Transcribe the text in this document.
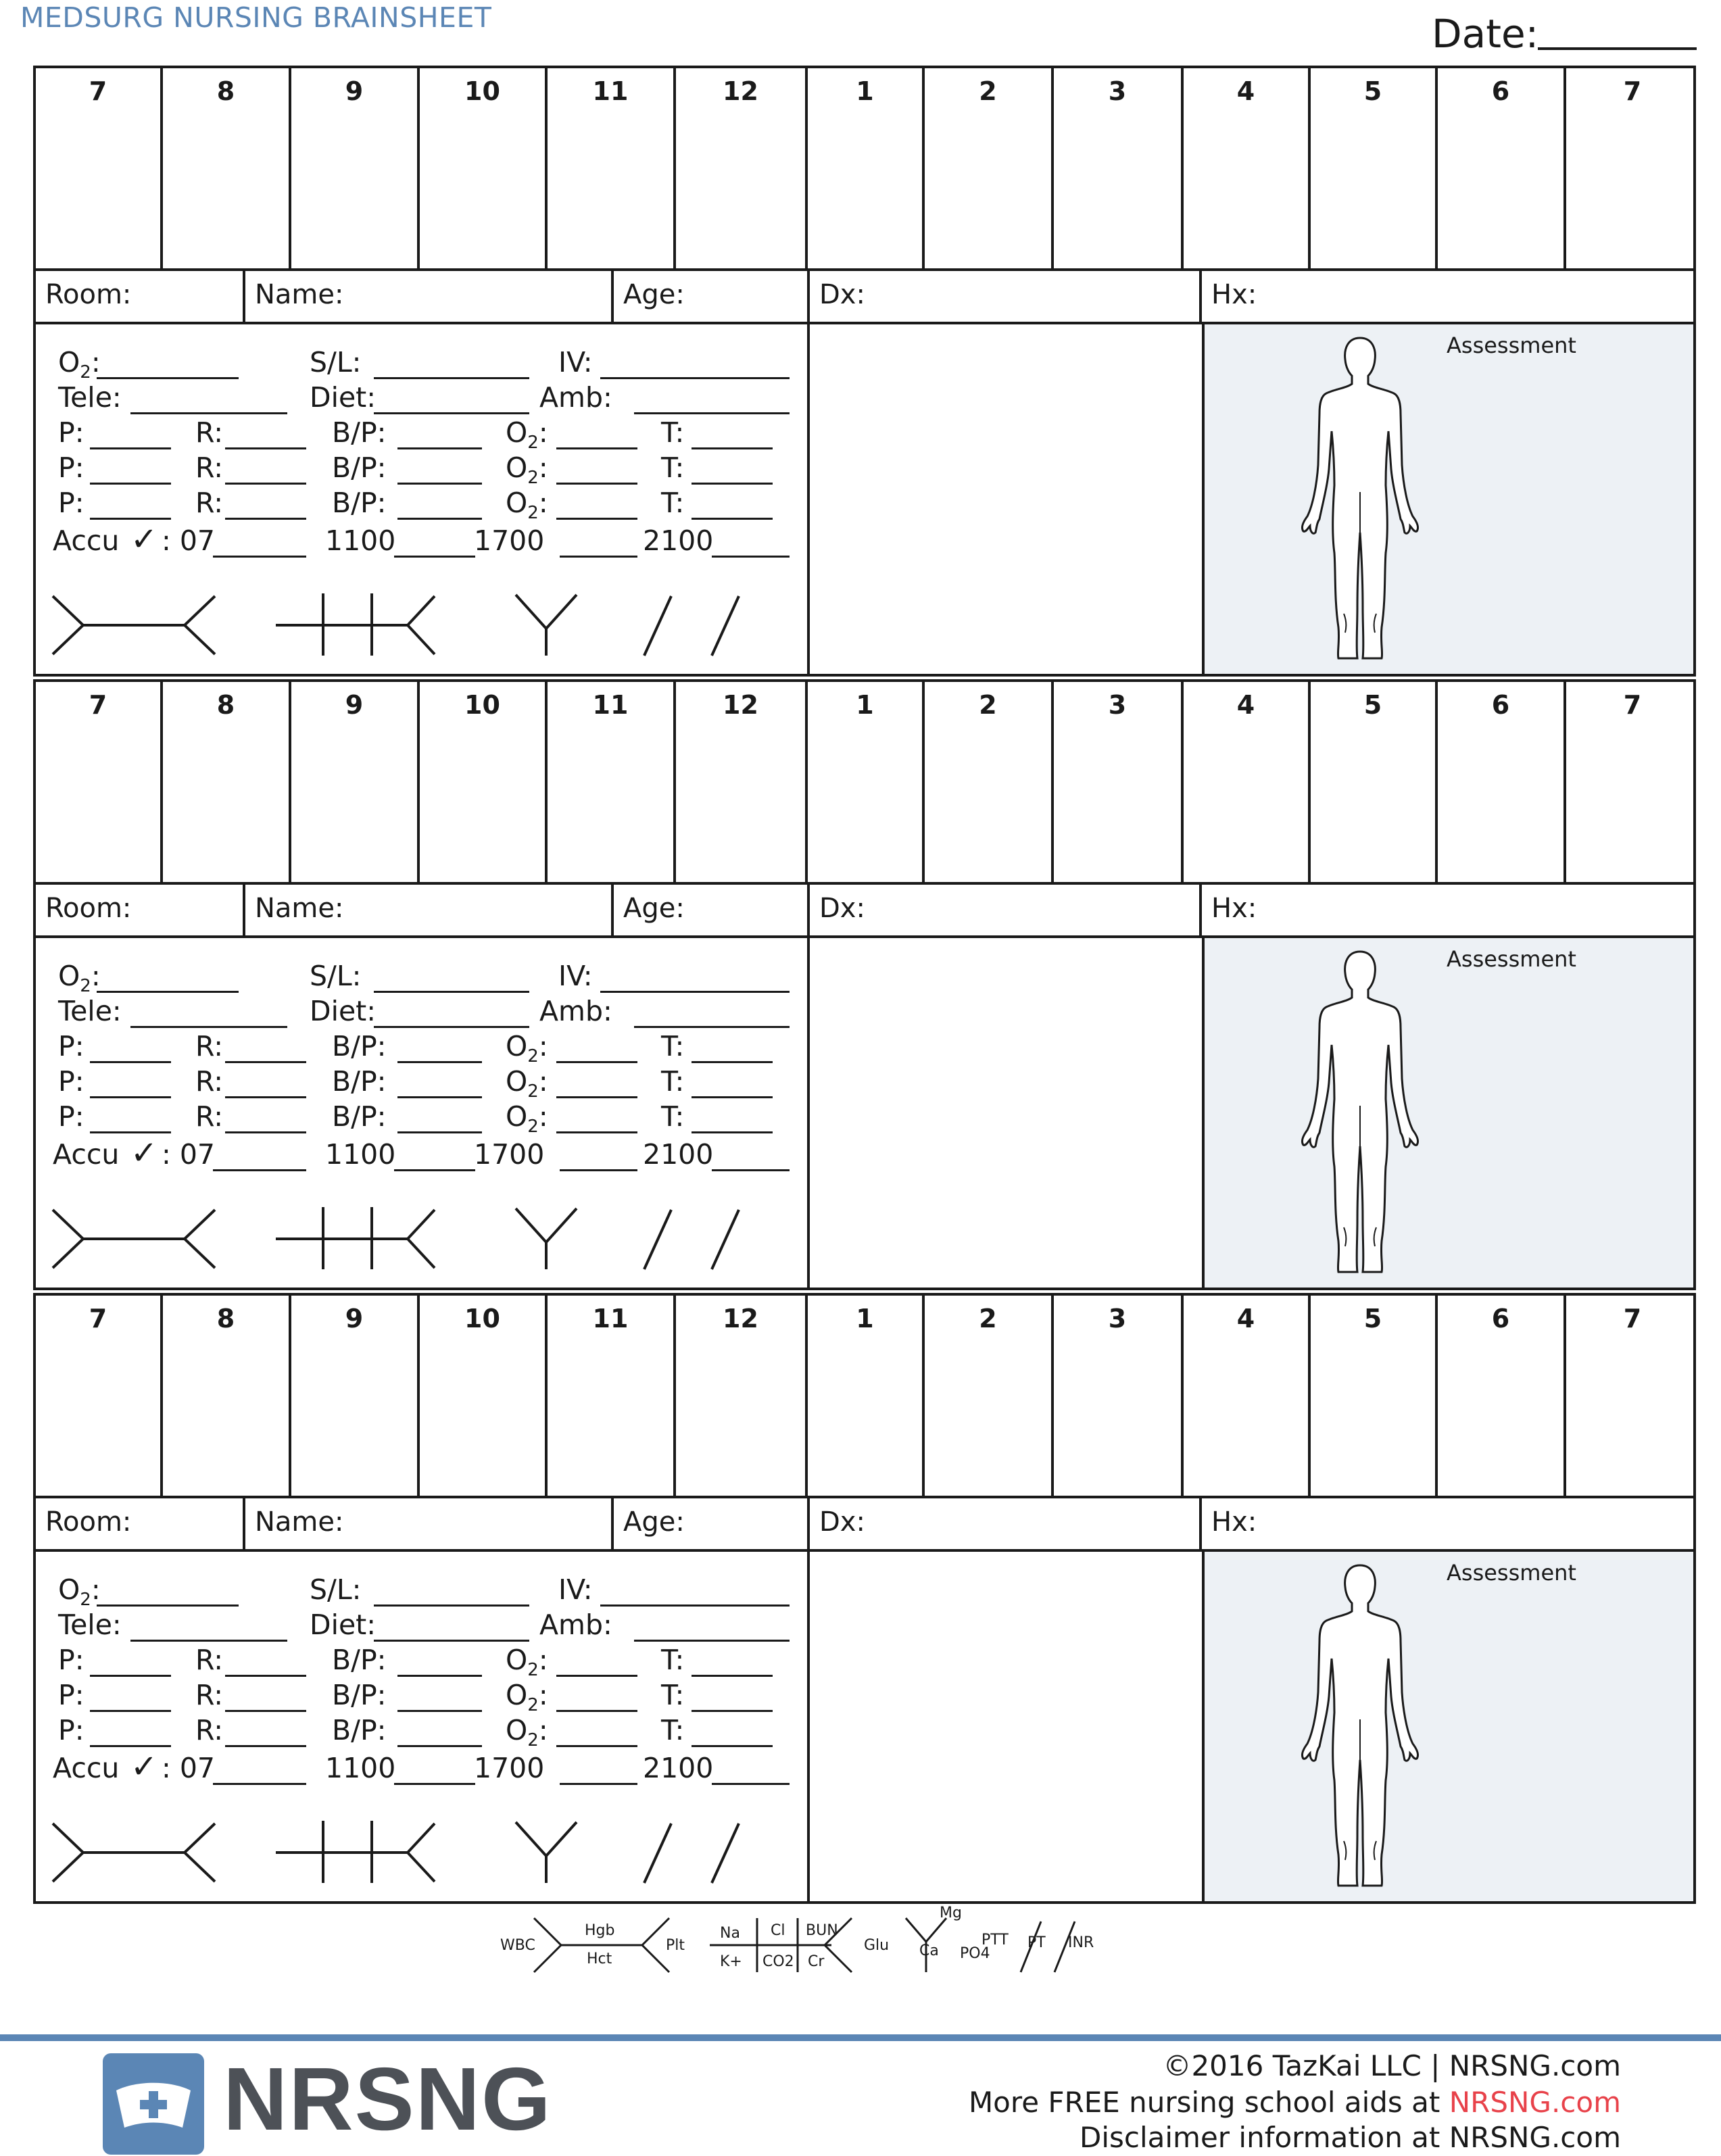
MEDSURG NURSING BRAINSHEET	Date:
7	8	9	10	11	12	1	2	3	4	5	6	7
Room:	Name:	Age:	Dx:	Hx:
$O_2$:	S/L:	IV:
Tele:	Diet:	Amb:
P:	R:	B/P:	$O_2$:	T:
P:	R:	B/P:	$O_2$:	T:
P:	R:	B/P:	$O_2$:	T:
Accu ✓ : 07	1100	1700	2100
Assessment
7	8	9	10	11	12	1	2	3	4	5	6	7
Room:	Name:	Age:	Dx:	Hx:
$O_2$:	S/L:	IV:
Tele:	Diet:	Amb:
P:	R:	B/P:	$O_2$:	T:
P:	R:	B/P:	$O_2$:	T:
P:	R:	B/P:	$O_2$:	T:
Accu ✓ : 07	1100	1700	2100
Assessment
7	8	9	10	11	12	1	2	3	4	5	6	7
Room:	Name:	Age:	Dx:	Hx:
$O_2$:	S/L:	IV:
Tele:	Diet:	Amb:
P:	R:	B/P:	$O_2$:	T:
P:	R:	B/P:	$O_2$:	T:
P:	R:	B/P:	$O_2$:	T:
Accu ✓ : 07	1100	1700	2100
Assessment
WBC
Hgb
Hct
Plt
Na Cl BUN
K+ CO2 Cr
Glu
Mg
Ca PO4
PTT PT INR
NRSNG	©2016 TazKai LLC | NRSNG.com
More FREE nursing school aids at NRSNG.com
Disclaimer information at NRSNG.com
